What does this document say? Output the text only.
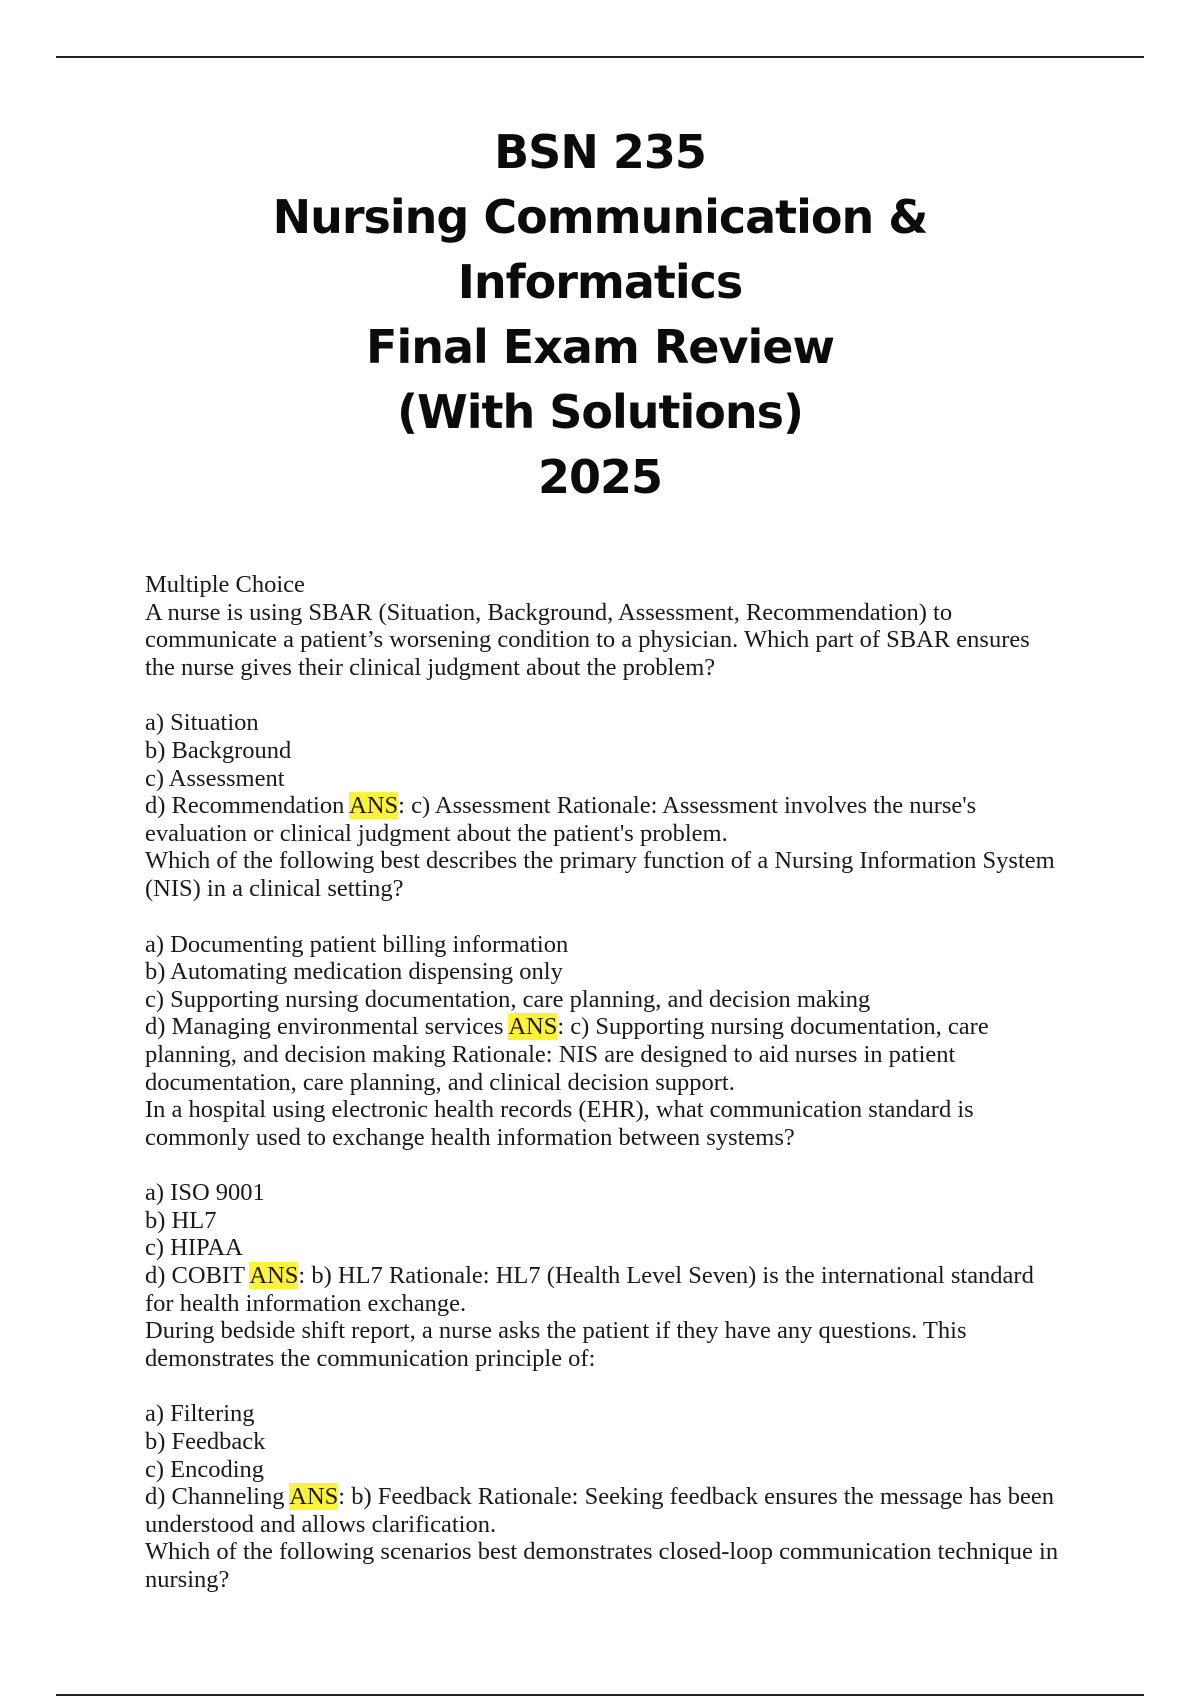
BSN 235
Nursing Communication &
Informatics
Final Exam Review
(With Solutions)
2025

Multiple Choice

A nurse is using SBAR (Situation, Background, Assessment, Recommendation) to communicate a patient’s worsening condition to a physician. Which part of SBAR ensures the nurse gives their clinical judgment about the problem?

a) Situation
b) Background
c) Assessment
d) Recommendation ANS: c) Assessment Rationale: Assessment involves the nurse's evaluation or clinical judgment about the patient's problem.

Which of the following best describes the primary function of a Nursing Information System (NIS) in a clinical setting?

a) Documenting patient billing information
b) Automating medication dispensing only
c) Supporting nursing documentation, care planning, and decision making
d) Managing environmental services ANS: c) Supporting nursing documentation, care planning, and decision making Rationale: NIS are designed to aid nurses in patient documentation, care planning, and clinical decision support.

In a hospital using electronic health records (EHR), what communication standard is commonly used to exchange health information between systems?

a) ISO 9001
b) HL7
c) HIPAA
d) COBIT ANS: b) HL7 Rationale: HL7 (Health Level Seven) is the international standard for health information exchange.

During bedside shift report, a nurse asks the patient if they have any questions. This demonstrates the communication principle of:

a) Filtering
b) Feedback
c) Encoding
d) Channeling ANS: b) Feedback Rationale: Seeking feedback ensures the message has been understood and allows clarification.

Which of the following scenarios best demonstrates closed-loop communication technique in nursing?
